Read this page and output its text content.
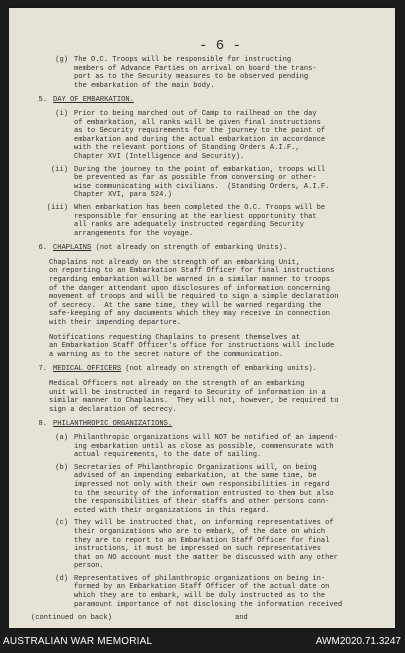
- 6 -
(g) The O.C. Troops will be responsible for instructing
members of Advance Parties on arrival on board the trans-
port as to the Security measures to be observed pending
the embarkation of the main body.
5. DAY OF EMBARKATION.
(i) Prior to being marched out of Camp to railhead on the day
of embarkation, all ranks will be given final instructions
as to Security requirements for the journey to the point of
embarkation and during the actual embarkation in accordance
with the relevant portions of Standing Orders A.I.F.,
Chapter XVI (Intelligence and Security).
(ii) During the journey to the point of embarkation, troops will
be prevented as far as possible from conversing or other-
wise communicating with civilians.  (Standing Orders, A.I.F.
Chapter XVI, para 524.)
(iii) When embarkation has been completed the O.C. Troops will be
responsible for ensuring at the earliest opportunity that
all ranks are adequately instructed regarding Security
arrangements for the voyage.
6. CHAPLAINS (not already on strength of embarking Units).
Chaplains not already on the strength of an embarking Unit,
on reporting to an Embarkation Staff Officer for final instructions
regarding embarkation will be warned in a similar manner to troops
of the danger attendant upon disclosures of information concerning
movement of troops and will be required to sign a simple declaration
of secrecy.  At the same time, they will be warned regarding the
safe-keeping of any documents which they may receive in connection
with their impending departure.
Notifications requesting Chaplains to present themselves at
an Embarkation Staff Officer's office for instructions will include
a warning as to the secret nature of the communication.
7. MEDICAL OFFICERS (not already on strength of embarking units).
Medical Officers not already on the strength of an embarking
unit will be instructed in regard to Security of information in a
similar manner to Chaplains.  They will not, however, be required to
sign a declaration of secrecy.
8. PHILANTHROPIC ORGANIZATIONS.
(a) Philanthropic organizations will NOT be notified of an impend-
ing embarkation until as close as possible, commensurate with
actual requirements, to the date of sailing.
(b) Secretaries of Philanthropic Organizations will, on being
advised of an impending embarkation, at the same time, be
impressed not only with their own responsibilities in regard
to the security of the information entrusted to them but also
the responsibilities of their staffs and other persons conn-
ected with their organizations in this regard.
(c) They will be instructed that, on informing representatives of
their organizations who are to embark, of the date on which
they are to report to an Embarkation Staff Officer for final
instructions, it must be impressed on such representatives
that on NO account must the matter be discussed with any other
person.
(d) Representatives of philanthropic organizations on being in-
formed by an Embarkation Staff Officer of the actual date on
which they are to embark, will be duly instructed as to the
paramount importance of not disclosing the information received
(continued on back)	and
AUSTRALIAN WAR MEMORIAL	AWM2020.71.3247
